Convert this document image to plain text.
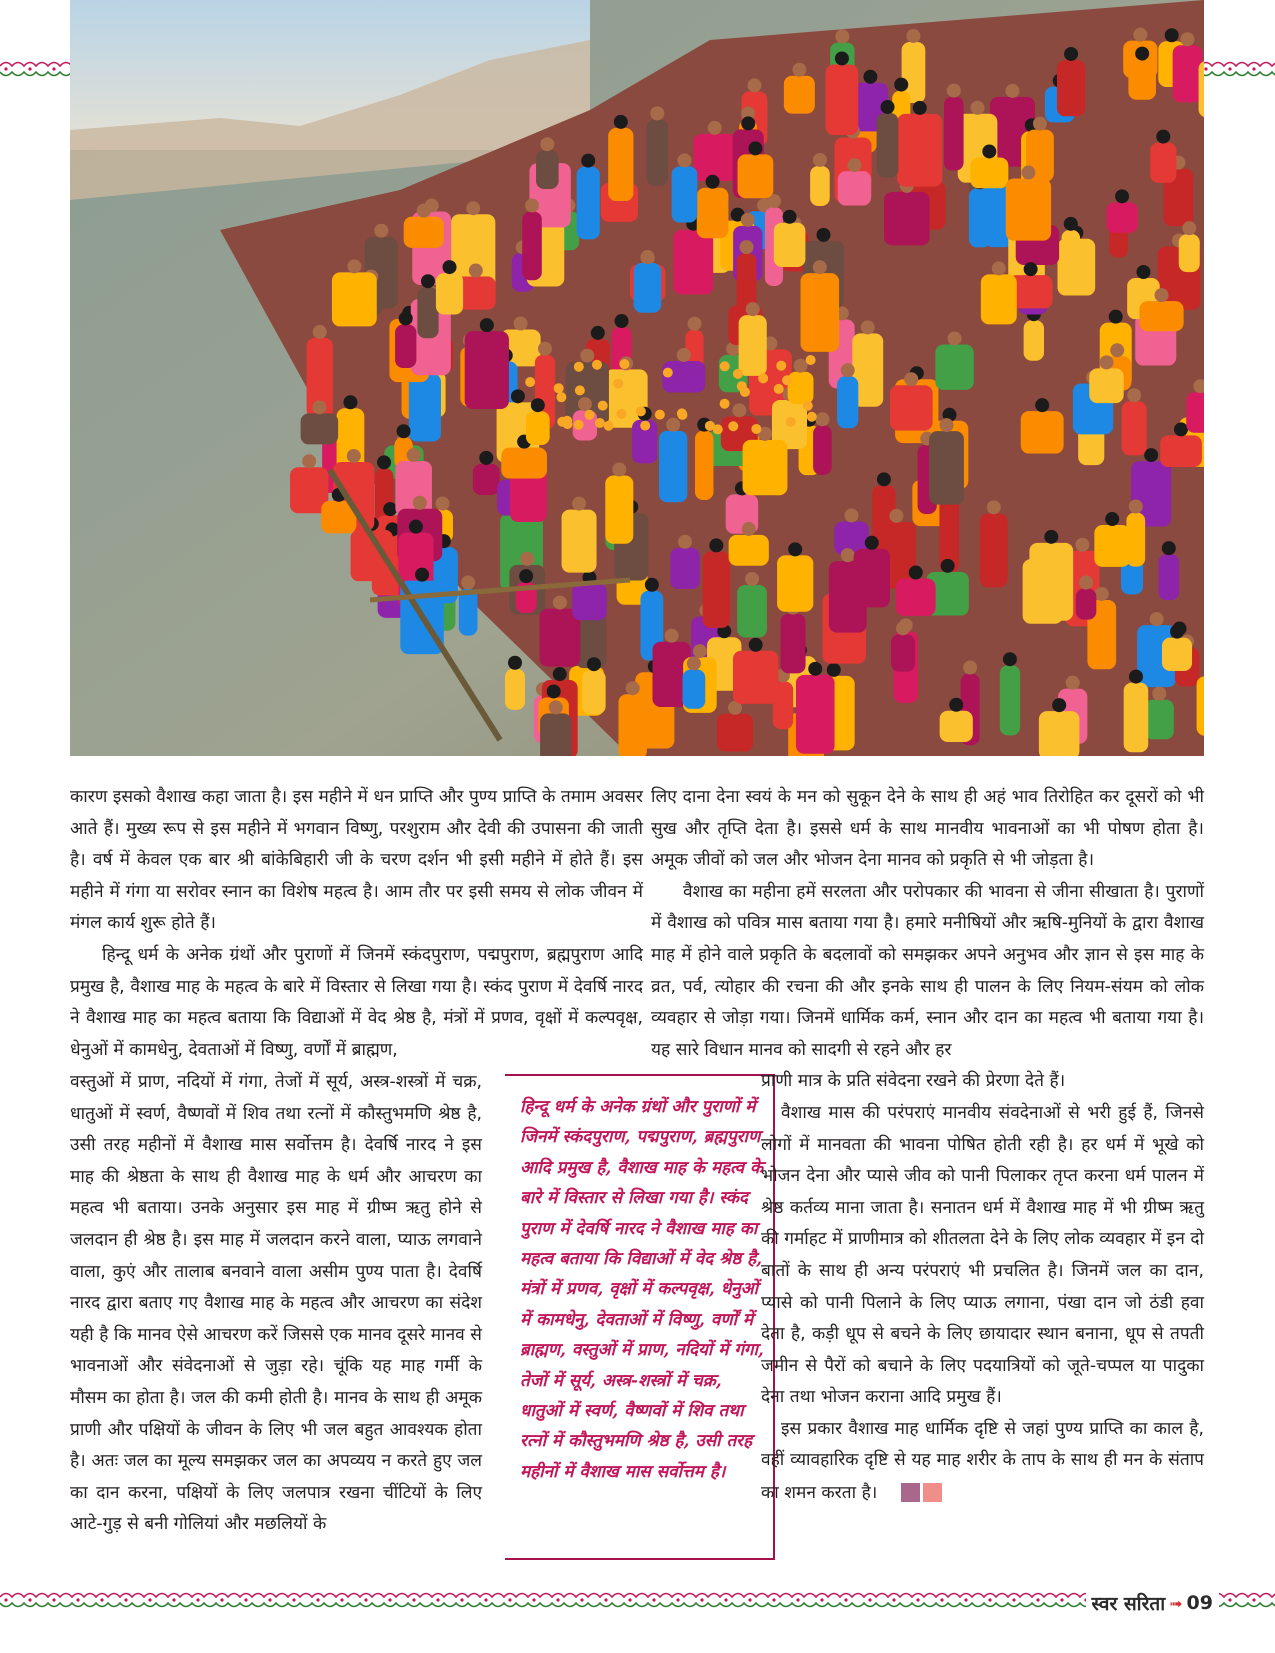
कारण इसको वैशाख कहा जाता है। इस महीने में धन प्राप्ति और पुण्य प्राप्ति के तमाम अवसर आते हैं। मुख्य रूप से इस महीने में भगवान विष्णु, परशुराम और देवी की उपासना की जाती है। वर्ष में केवल एक बार श्री बांकेबिहारी जी के चरण दर्शन भी इसी महीने में होते हैं। इस महीने में गंगा या सरोवर स्नान का विशेष महत्व है। आम तौर पर इसी समय से लोक जीवन में मंगल कार्य शुरू होते हैं।

हिन्दू धर्म के अनेक ग्रंथों और पुराणों में जिनमें स्कंदपुराण, पद्मपुराण, ब्रह्मपुराण आदि प्रमुख है, वैशाख माह के महत्व के बारे में विस्तार से लिखा गया है। स्कंद पुराण में देवर्षि नारद ने वैशाख माह का महत्व बताया कि विद्याओं में वेद श्रेष्ठ है, मंत्रों में प्रणव, वृक्षों में कल्पवृक्ष, धेनुओं में कामधेनु, देवताओं में विष्णु, वर्णों में ब्राह्मण,

वस्तुओं में प्राण, नदियों में गंगा, तेजों में सूर्य, अस्त्र-शस्त्रों में चक्र, धातुओं में स्वर्ण, वैष्णवों में शिव तथा रत्नों में कौस्तुभमणि श्रेष्ठ है, उसी तरह महीनों में वैशाख मास सर्वोत्तम है। देवर्षि नारद ने इस माह की श्रेष्ठता के साथ ही वैशाख माह के धर्म और आचरण का महत्व भी बताया। उनके अनुसार इस माह में ग्रीष्म ऋतु होने से जलदान ही श्रेष्ठ है। इस माह में जलदान करने वाला, प्याऊ लगवाने वाला, कुएं और तालाब बनवाने वाला असीम पुण्य पाता है। देवर्षि नारद द्वारा बताए गए वैशाख माह के महत्व और आचरण का संदेश यही है कि मानव ऐसे आचरण करें जिससे एक मानव दूसरे मानव से भावनाओं और संवेदनाओं से जुड़ा रहे। चूंकि यह माह गर्मी के मौसम का होता है। जल की कमी होती है। मानव के साथ ही अमूक प्राणी और पक्षियों के जीवन के लिए भी जल बहुत आवश्यक होता है। अतः जल का मूल्य समझकर जल का अपव्यय न करते हुए जल का दान करना, पक्षियों के लिए जलपात्र रखना चींटियों के लिए आटे-गुड़ से बनी गोलियां और मछलियों के

हिन्दू धर्म के अनेक ग्रंथों और पुराणों में जिनमें स्कंदपुराण, पद्मपुराण, ब्रह्मपुराण आदि प्रमुख है, वैशाख माह के महत्व के बारे में विस्तार से लिखा गया है। स्कंद पुराण में देवर्षि नारद ने वैशाख माह का महत्व बताया कि विद्याओं में वेद श्रेष्ठ है, मंत्रों में प्रणव, वृक्षों में कल्पवृक्ष, धेनुओं में कामधेनु, देवताओं में विष्णु, वर्णों में ब्राह्मण, वस्तुओं में प्राण, नदियों में गंगा, तेजों में सूर्य, अस्त्र-शस्त्रों में चक्र, धातुओं में स्वर्ण, वैष्णवों में शिव तथा रत्नों में कौस्तुभमणि श्रेष्ठ है, उसी तरह महीनों में वैशाख मास सर्वोत्तम है।

लिए दाना देना स्वयं के मन को सुकून देने के साथ ही अहं भाव तिरोहित कर दूसरों को भी सुख और तृप्ति देता है। इससे धर्म के साथ मानवीय भावनाओं का भी पोषण होता है। अमूक जीवों को जल और भोजन देना मानव को प्रकृति से भी जोड़ता है।

वैशाख का महीना हमें सरलता और परोपकार की भावना से जीना सीखाता है। पुराणों में वैशाख को पवित्र मास बताया गया है। हमारे मनीषियों और ऋषि-मुनियों के द्वारा वैशाख माह में होने वाले प्रकृति के बदलावों को समझकर अपने अनुभव और ज्ञान से इस माह के व्रत, पर्व, त्योहार की रचना की और इनके साथ ही पालन के लिए नियम-संयम को लोक व्यवहार से जोड़ा गया। जिनमें धार्मिक कर्म, स्नान और दान का महत्व भी बताया गया है। यह सारे विधान मानव को सादगी से रहने और हर

प्राणी मात्र के प्रति संवेदना रखने की प्रेरणा देते हैं।

वैशाख मास की परंपराएं मानवीय संवदेनाओं से भरी हुई हैं, जिनसे लोगों में मानवता की भावना पोषित होती रही है। हर धर्म में भूखे को भोजन देना और प्यासे जीव को पानी पिलाकर तृप्त करना धर्म पालन में श्रेष्ठ कर्तव्य माना जाता है। सनातन धर्म में वैशाख माह में भी ग्रीष्म ऋतु की गर्माहट में प्राणीमात्र को शीतलता देने के लिए लोक व्यवहार में इन दो बातों के साथ ही अन्य परंपराएं भी प्रचलित है। जिनमें जल का दान, प्यासे को पानी पिलाने के लिए प्याऊ लगाना, पंखा दान जो ठंडी हवा देता है, कड़ी धूप से बचने के लिए छायादार स्थान बनाना, धूप से तपती जमीन से पैरों को बचाने के लिए पदयात्रियों को जूते-चप्पल या पादुका देना तथा भोजन कराना आदि प्रमुख हैं।

इस प्रकार वैशाख माह धार्मिक दृष्टि से जहां पुण्य प्राप्ति का काल है, वहीं व्यावहारिक दृष्टि से यह माह शरीर के ताप के साथ ही मन के संताप का शमन करता है।

स्वर सरिता ➟ 09
